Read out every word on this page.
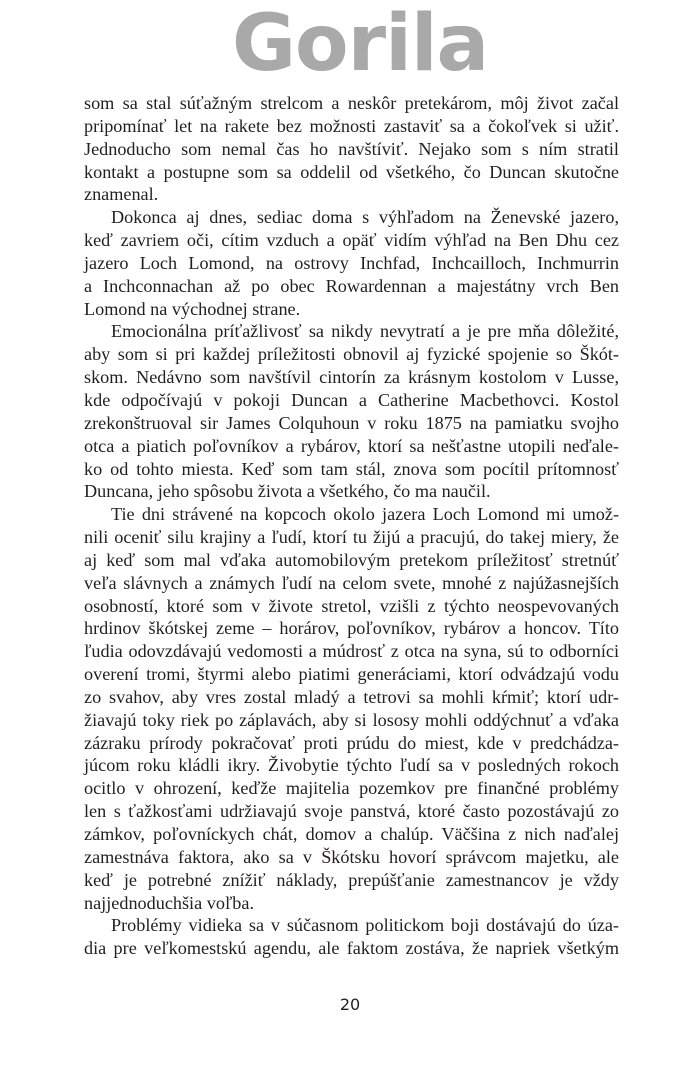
Gorila
som sa stal súťažným strelcom a neskôr pretekárom, môj život začal
pripomínať let na rakete bez možnosti zastaviť sa a čokoľvek si užiť.
Jednoducho som nemal čas ho navštíviť. Nejako som s ním stratil
kontakt a postupne som sa oddelil od všetkého, čo Duncan skutočne
znamenal.
Dokonca aj dnes, sediac doma s výhľadom na Ženevské jazero,
keď zavriem oči, cítim vzduch a opäť vidím výhľad na Ben Dhu cez
jazero Loch Lomond, na ostrovy Inchfad, Inchcailloch, Inchmurrin
a Inchconnachan až po obec Rowardennan a majestátny vrch Ben
Lomond na východnej strane.
Emocionálna príťažlivosť sa nikdy nevytratí a je pre mňa dôležité,
aby som si pri každej príležitosti obnovil aj fyzické spojenie so Škót-
skom. Nedávno som navštívil cintorín za krásnym kostolom v Lusse,
kde odpočívajú v pokoji Duncan a Catherine Macbethovci. Kostol
zrekonštruoval sir James Colquhoun v roku 1875 na pamiatku svojho
otca a piatich poľovníkov a rybárov, ktorí sa nešťastne utopili neďale-
ko od tohto miesta. Keď som tam stál, znova som pocítil prítomnosť
Duncana, jeho spôsobu života a všetkého, čo ma naučil.
Tie dni strávené na kopcoch okolo jazera Loch Lomond mi umož-
nili oceniť silu krajiny a ľudí, ktorí tu žijú a pracujú, do takej miery, že
aj keď som mal vďaka automobilovým pretekom príležitosť stretnúť
veľa slávnych a známych ľudí na celom svete, mnohé z najúžasnejších
osobností, ktoré som v živote stretol, vzišli z týchto neospevovaných
hrdinov škótskej zeme – horárov, poľovníkov, rybárov a honcov. Títo
ľudia odovzdávajú vedomosti a múdrosť z otca na syna, sú to odborníci
overení tromi, štyrmi alebo piatimi generáciami, ktorí odvádzajú vodu
zo svahov, aby vres zostal mladý a tetrovi sa mohli kŕmiť; ktorí udr-
žiavajú toky riek po záplavách, aby si lososy mohli oddýchnuť a vďaka
zázraku prírody pokračovať proti prúdu do miest, kde v predchádza-
júcom roku kládli ikry. Živobytie týchto ľudí sa v posledných rokoch
ocitlo v ohrození, keďže majitelia pozemkov pre finančné problémy
len s ťažkosťami udržiavajú svoje panstvá, ktoré často pozostávajú zo
zámkov, poľovníckych chát, domov a chalúp. Väčšina z nich naďalej
zamestnáva faktora, ako sa v Škótsku hovorí správcom majetku, ale
keď je potrebné znížiť náklady, prepúšťanie zamestnancov je vždy
najjednoduchšia voľba.
Problémy vidieka sa v súčasnom politickom boji dostávajú do úza-
dia pre veľkomestskú agendu, ale faktom zostáva, že napriek všetkým
20
